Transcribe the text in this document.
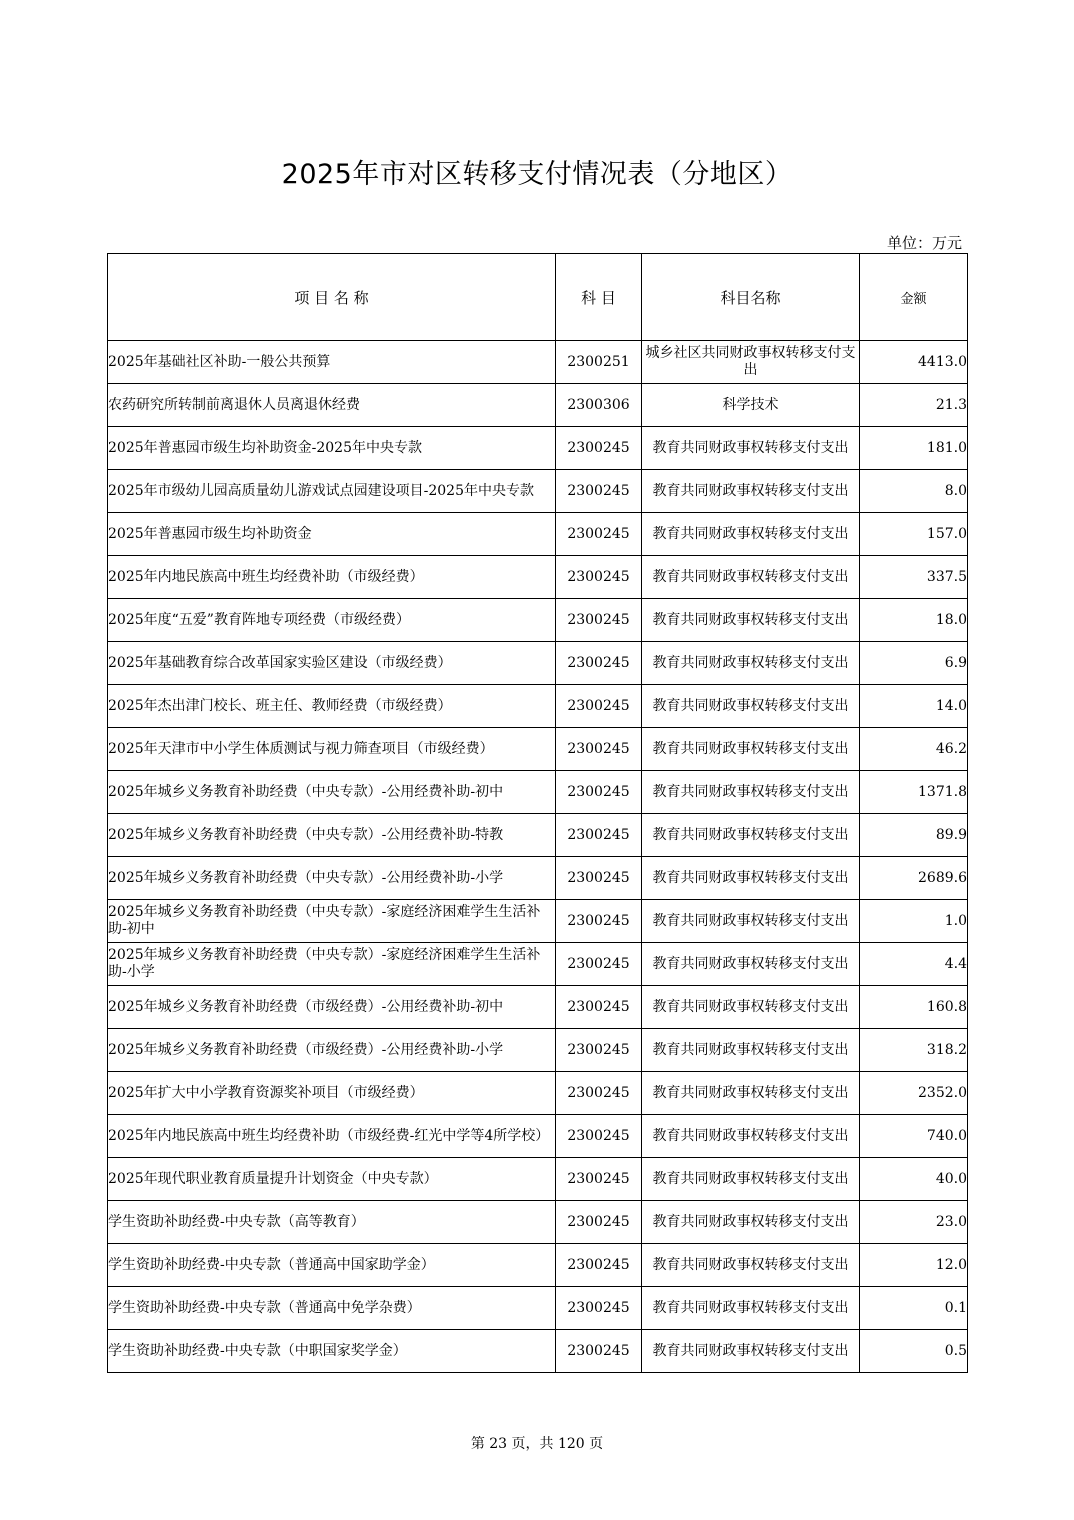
2025年市对区转移支付情况表（分地区）
单位：万元
项 目 名 称	科 目	科目名称	金额
2025年基础社区补助-一般公共预算	2300251	城乡社区共同财政事权转移支付支出	4413.0
农药研究所转制前离退休人员离退休经费	2300306	科学技术	21.3
2025年普惠园市级生均补助资金-2025年中央专款	2300245	教育共同财政事权转移支付支出	181.0
2025年市级幼儿园高质量幼儿游戏试点园建设项目-2025年中央专款	2300245	教育共同财政事权转移支付支出	8.0
2025年普惠园市级生均补助资金	2300245	教育共同财政事权转移支付支出	157.0
2025年内地民族高中班生均经费补助（市级经费）	2300245	教育共同财政事权转移支付支出	337.5
2025年度“五爱”教育阵地专项经费（市级经费）	2300245	教育共同财政事权转移支付支出	18.0
2025年基础教育综合改革国家实验区建设（市级经费）	2300245	教育共同财政事权转移支付支出	6.9
2025年杰出津门校长、班主任、教师经费（市级经费）	2300245	教育共同财政事权转移支付支出	14.0
2025年天津市中小学生体质测试与视力筛查项目（市级经费）	2300245	教育共同财政事权转移支付支出	46.2
2025年城乡义务教育补助经费（中央专款）-公用经费补助-初中	2300245	教育共同财政事权转移支付支出	1371.8
2025年城乡义务教育补助经费（中央专款）-公用经费补助-特教	2300245	教育共同财政事权转移支付支出	89.9
2025年城乡义务教育补助经费（中央专款）-公用经费补助-小学	2300245	教育共同财政事权转移支付支出	2689.6
2025年城乡义务教育补助经费（中央专款）-家庭经济困难学生生活补助-初中	2300245	教育共同财政事权转移支付支出	1.0
2025年城乡义务教育补助经费（中央专款）-家庭经济困难学生生活补助-小学	2300245	教育共同财政事权转移支付支出	4.4
2025年城乡义务教育补助经费（市级经费）-公用经费补助-初中	2300245	教育共同财政事权转移支付支出	160.8
2025年城乡义务教育补助经费（市级经费）-公用经费补助-小学	2300245	教育共同财政事权转移支付支出	318.2
2025年扩大中小学教育资源奖补项目（市级经费）	2300245	教育共同财政事权转移支付支出	2352.0
2025年内地民族高中班生均经费补助（市级经费-红光中学等4所学校）	2300245	教育共同财政事权转移支付支出	740.0
2025年现代职业教育质量提升计划资金（中央专款）	2300245	教育共同财政事权转移支付支出	40.0
学生资助补助经费-中央专款（高等教育）	2300245	教育共同财政事权转移支付支出	23.0
学生资助补助经费-中央专款（普通高中国家助学金）	2300245	教育共同财政事权转移支付支出	12.0
学生资助补助经费-中央专款（普通高中免学杂费）	2300245	教育共同财政事权转移支付支出	0.1
学生资助补助经费-中央专款（中职国家奖学金）	2300245	教育共同财政事权转移支付支出	0.5
第 23 页，共 120 页
